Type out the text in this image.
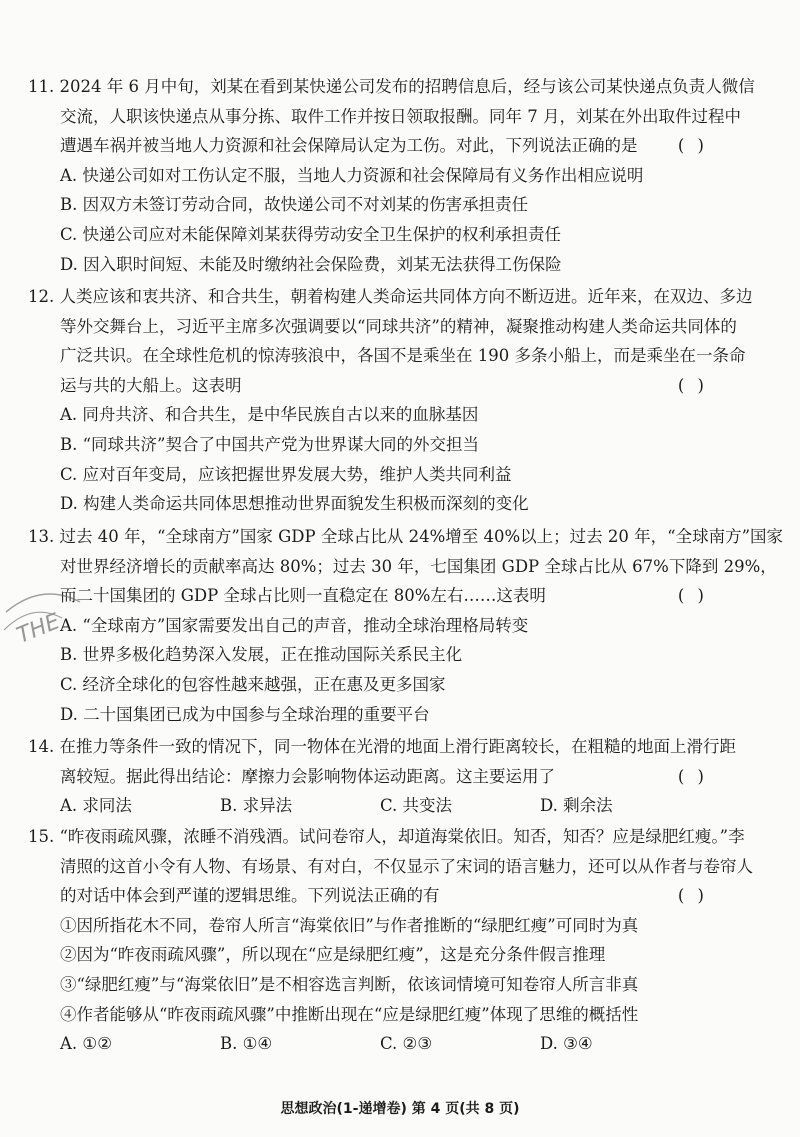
11. 2024 年 6 月中旬，刘某在看到某快递公司发布的招聘信息后，经与该公司某快递点负责人微信
交流，人职该快递点从事分拣、取件工作并按日领取报酬。同年 7 月，刘某在外出取件过程中
遭遇车祸并被当地人力资源和社会保障局认定为工伤。对此，下列说法正确的是 ( )
A. 快递公司如对工伤认定不服，当地人力资源和社会保障局有义务作出相应说明
B. 因双方未签订劳动合同，故快递公司不对刘某的伤害承担责任
C. 快递公司应对未能保障刘某获得劳动安全卫生保护的权利承担责任
D. 因入职时间短、未能及时缴纳社会保险费，刘某无法获得工伤保险
12. 人类应该和衷共济、和合共生，朝着构建人类命运共同体方向不断迈进。近年来，在双边、多边
等外交舞台上，习近平主席多次强调要以“同球共济”的精神，凝聚推动构建人类命运共同体的
广泛共识。在全球性危机的惊涛骇浪中，各国不是乘坐在 190 多条小船上，而是乘坐在一条命
运与共的大船上。这表明	( )
A. 同舟共济、和合共生，是中华民族自古以来的血脉基因
B. “同球共济”契合了中国共产党为世界谋大同的外交担当
C. 应对百年变局，应该把握世界发展大势，维护人类共同利益
D. 构建人类命运共同体思想推动世界面貌发生积极而深刻的变化
13. 过去 40 年，“全球南方”国家 GDP 全球占比从 24%增至 40%以上；过去 20 年，“全球南方”国家
对世界经济增长的贡献率高达 80%；过去 30 年，七国集团 GDP 全球占比从 67%下降到 29%，
而二十国集团的 GDP 全球占比则一直稳定在 80%左右……这表明	( )
A. “全球南方”国家需要发出自己的声音，推动全球治理格局转变
B. 世界多极化趋势深入发展，正在推动国际关系民主化
C. 经济全球化的包容性越来越强，正在惠及更多国家
D. 二十国集团已成为中国参与全球治理的重要平台
14. 在推力等条件一致的情况下，同一物体在光滑的地面上滑行距离较长，在粗糙的地面上滑行距
离较短。据此得出结论：摩擦力会影响物体运动距离。这主要运用了	( )
A. 求同法	B. 求异法	C. 共变法	D. 剩余法
15. “昨夜雨疏风骤，浓睡不消残酒。试问卷帘人，却道海棠依旧。知否，知否？应是绿肥红瘦。”李
清照的这首小令有人物、有场景、有对白，不仅显示了宋词的语言魅力，还可以从作者与卷帘人
的对话中体会到严谨的逻辑思维。下列说法正确的有	( )
①因所指花木不同，卷帘人所言“海棠依旧”与作者推断的“绿肥红瘦”可同时为真
②因为“昨夜雨疏风骤”，所以现在“应是绿肥红瘦”，这是充分条件假言推理
③“绿肥红瘦”与“海棠依旧”是不相容选言判断，依该词情境可知卷帘人所言非真
④作者能够从“昨夜雨疏风骤”中推断出现在“应是绿肥红瘦”体现了思维的概括性
A. ①②	B. ①④	C. ②③	D. ③④
思想政治(1-递增卷) 第 4 页(共 8 页)
THE
